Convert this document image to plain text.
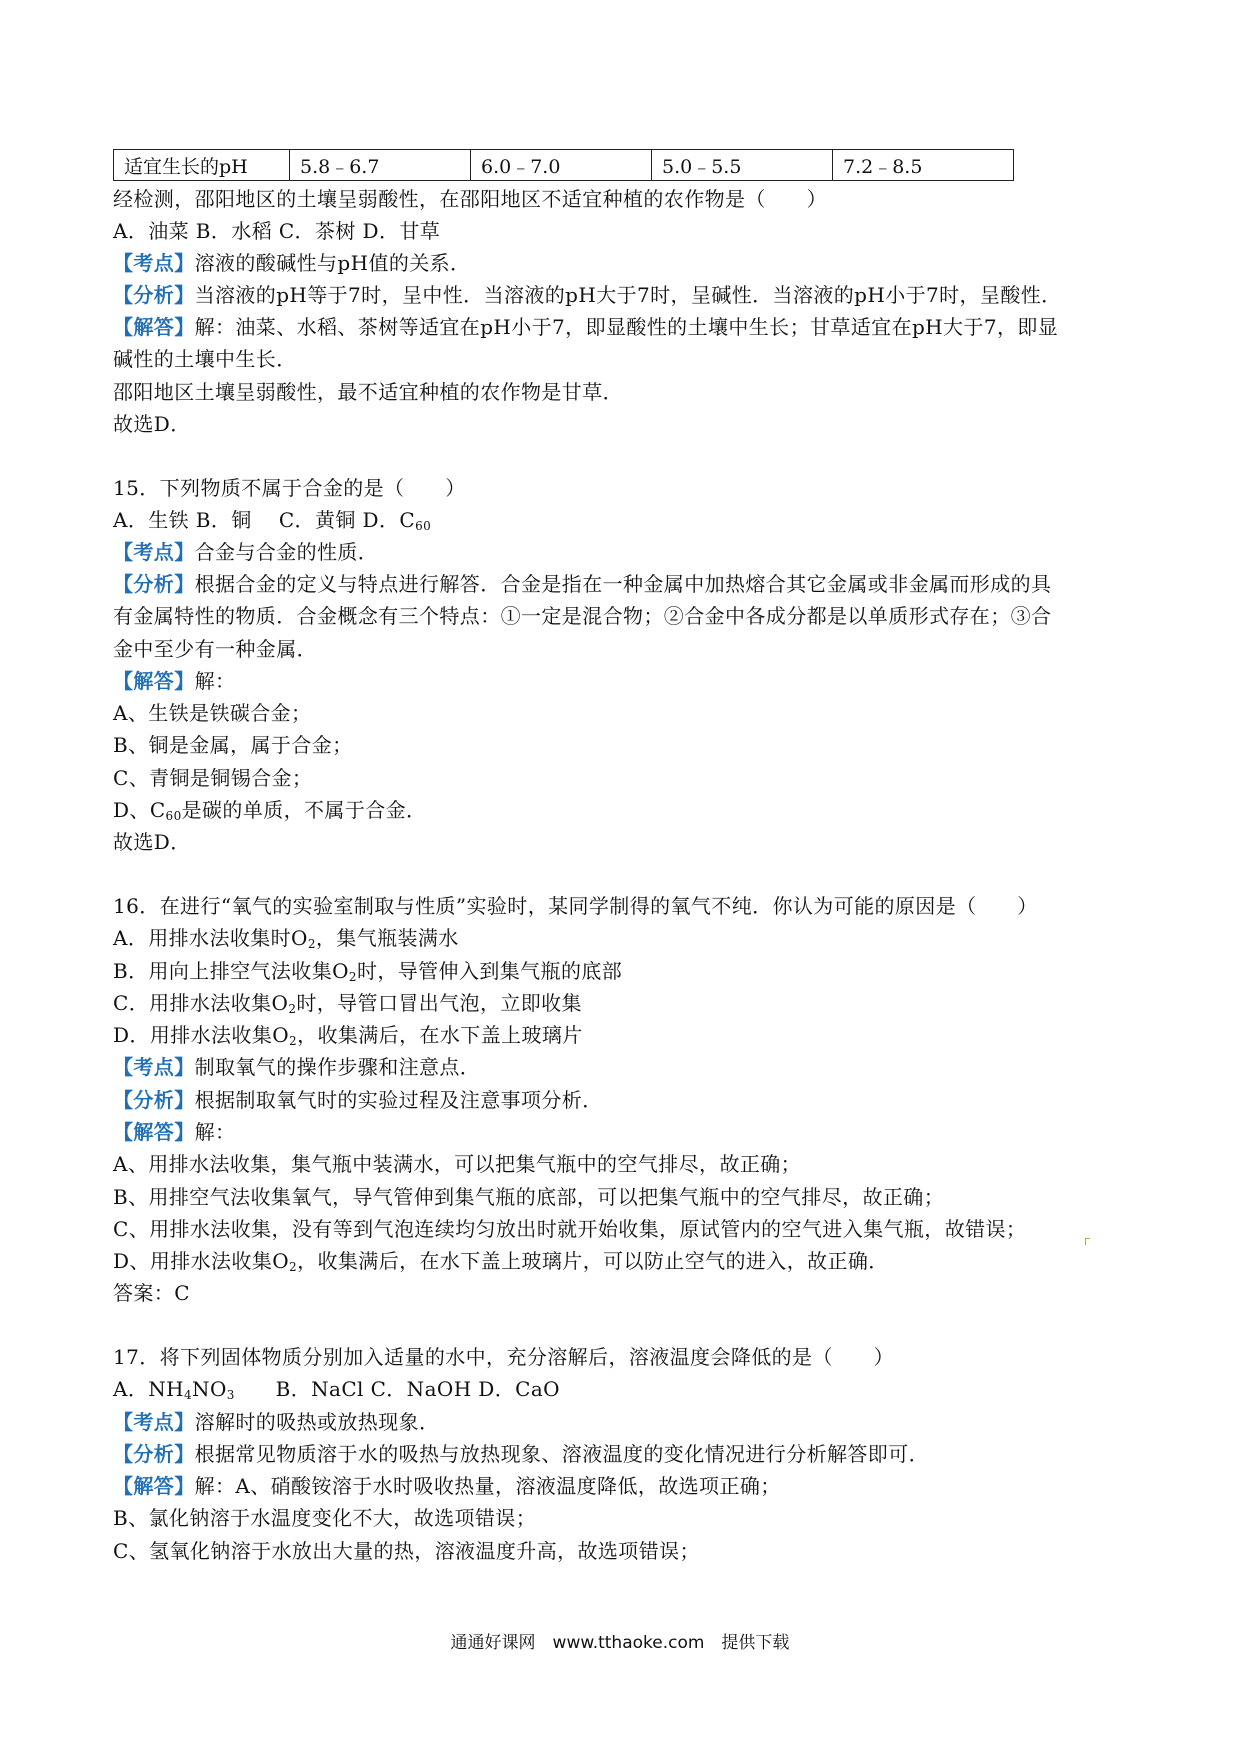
适宜生长的pH	5.8﹣6.7	6.0﹣7.0	5.0﹣5.5	7.2﹣8.5
经检测，邵阳地区的土壤呈弱酸性，在邵阳地区不适宜种植的农作物是（　　）
A．油菜 B．水稻 C．茶树 D．甘草
【考点】溶液的酸碱性与pH值的关系．
【分析】当溶液的pH等于7时，呈中性．当溶液的pH大于7时，呈碱性．当溶液的pH小于7时，呈酸性．
【解答】解：油菜、水稻、茶树等适宜在pH小于7，即显酸性的土壤中生长；甘草适宜在pH大于7，即显
碱性的土壤中生长．
邵阳地区土壤呈弱酸性，最不适宜种植的农作物是甘草．
故选D．
15．下列物质不属于合金的是（　　）
A．生铁 B．铜　 C．黄铜 D．$C_{60}$
【考点】合金与合金的性质．
【分析】根据合金的定义与特点进行解答．合金是指在一种金属中加热熔合其它金属或非金属而形成的具
有金属特性的物质．合金概念有三个特点：①一定是混合物；②合金中各成分都是以单质形式存在；③合
金中至少有一种金属．
【解答】解：
A、生铁是铁碳合金；
B、铜是金属，属于合金；
C、青铜是铜锡合金；
D、$C_{60}$是碳的单质，不属于合金．
故选D．
16．在进行“氧气的实验室制取与性质”实验时，某同学制得的氧气不纯．你认为可能的原因是（　　）
A．用排水法收集时$O_2$，集气瓶装满水
B．用向上排空气法收集$O_2$时，导管伸入到集气瓶的底部
C．用排水法收集$O_2$时，导管口冒出气泡，立即收集
D．用排水法收集$O_2$，收集满后，在水下盖上玻璃片
【考点】制取氧气的操作步骤和注意点．
【分析】根据制取氧气时的实验过程及注意事项分析．
【解答】解：
A、用排水法收集，集气瓶中装满水，可以把集气瓶中的空气排尽，故正确；
B、用排空气法收集氧气，导气管伸到集气瓶的底部，可以把集气瓶中的空气排尽，故正确；
C、用排水法收集，没有等到气泡连续均匀放出时就开始收集，原试管内的空气进入集气瓶，故错误；
D、用排水法收集$O_2$，收集满后，在水下盖上玻璃片，可以防止空气的进入，故正确．
答案：C
17．将下列固体物质分别加入适量的水中，充分溶解后，溶液温度会降低的是（　　）
A．$NH_4NO_3$　　B．NaCl C．NaOH D．CaO
【考点】溶解时的吸热或放热现象．
【分析】根据常见物质溶于水的吸热与放热现象、溶液温度的变化情况进行分析解答即可．
【解答】解：A、硝酸铵溶于水时吸收热量，溶液温度降低，故选项正确；
B、氯化钠溶于水温度变化不大，故选项错误；
C、氢氧化钠溶于水放出大量的热，溶液温度升高，故选项错误；
通通好课网　www.tthaoke.com　提供下载
